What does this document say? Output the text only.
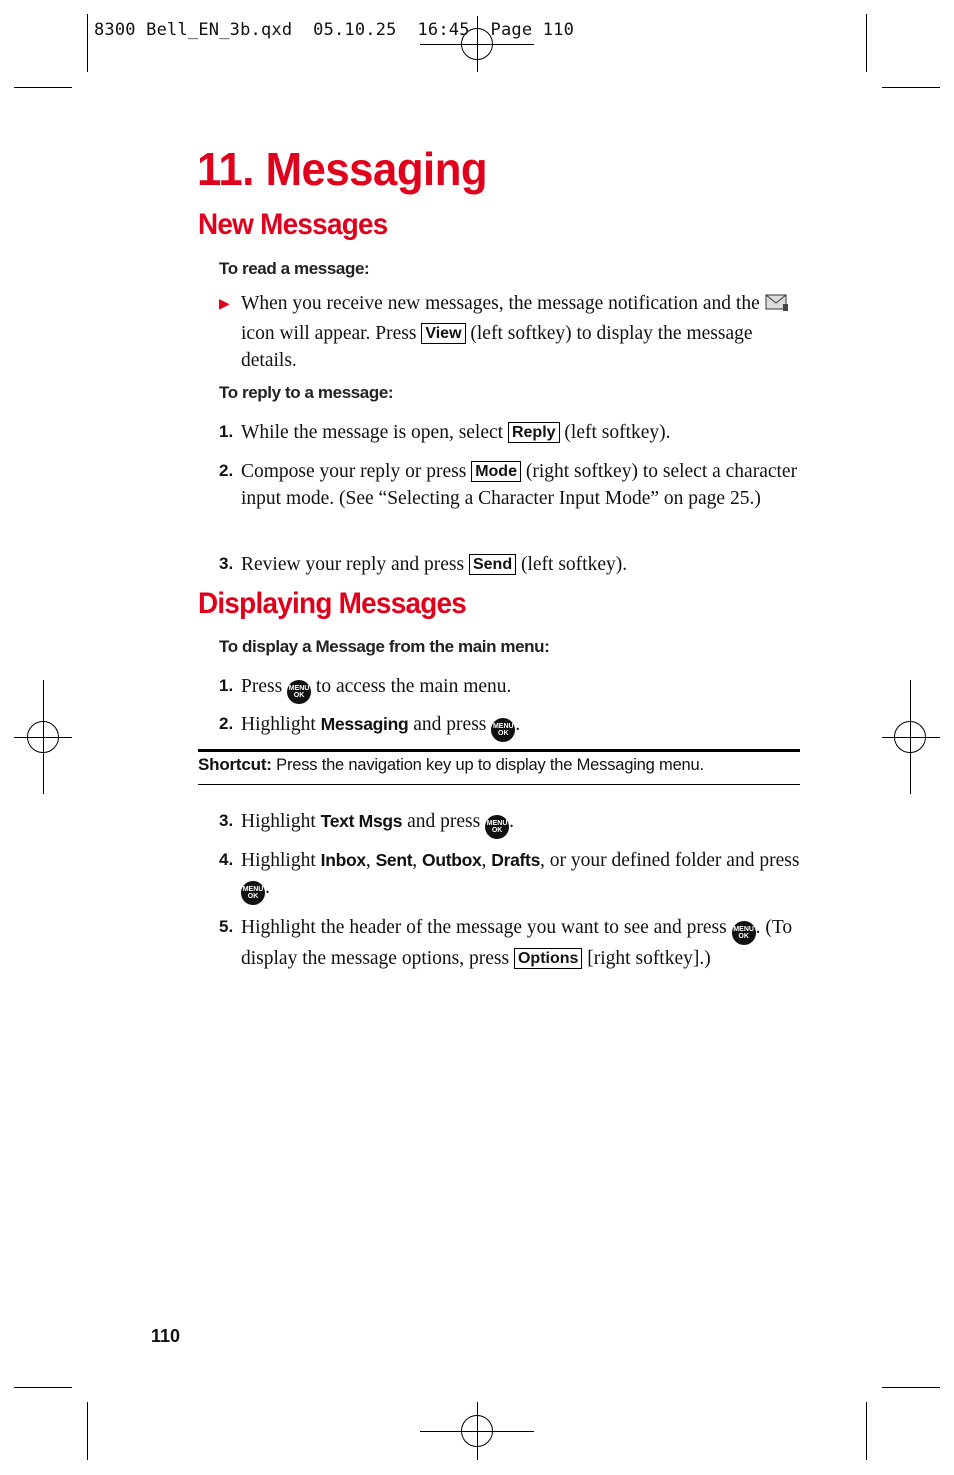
8300 Bell_EN_3b.qxd  05.10.25  16:45  Page 110
11. Messaging
New Messages
To read a message:
▶ When you receive new messages, the message notification and the  icon will appear. Press View (left softkey) to display the message details.
To reply to a message:
1. While the message is open, select Reply (left softkey).
2. Compose your reply or press Mode (right softkey) to select a character input mode. (See “Selecting a Character Input Mode” on page 25.)
3. Review your reply and press Send (left softkey).
Displaying Messages
To display a Message from the main menu:
1. Press MENU
OK to access the main menu.
2. Highlight Messaging and press MENU
OK .
Shortcut: Press the navigation key up to display the Messaging menu.
3. Highlight Text Msgs and press MENU
OK .
4. Highlight Inbox, Sent, Outbox, Drafts, or your defined folder and press
MENU
OK .
5. Highlight the header of the message you want to see and press MENU
OK . (To display the message options, press Options [right softkey].)
110
